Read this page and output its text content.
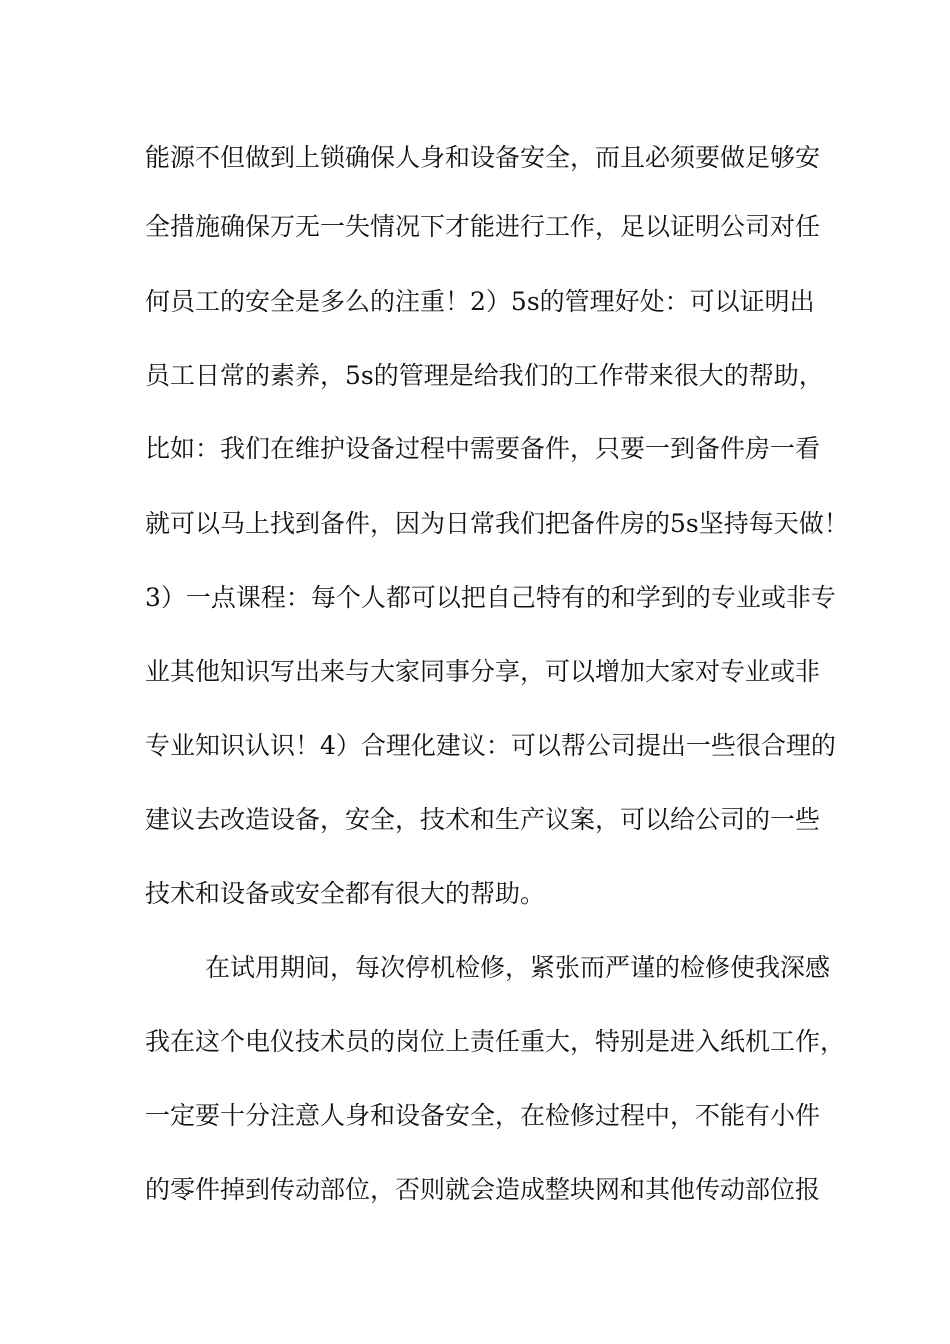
能源不但做到上锁确保人身和设备安全，而且必须要做足够安
全措施确保万无一失情况下才能进行工作，足以证明公司对任
何员工的安全是多么的注重！2）5s的管理好处：可以证明出
员工日常的素养，5s的管理是给我们的工作带来很大的帮助，
比如：我们在维护设备过程中需要备件，只要一到备件房一看
就可以马上找到备件，因为日常我们把备件房的5s坚持每天做！
3）一点课程：每个人都可以把自己特有的和学到的专业或非专
业其他知识写出来与大家同事分享，可以增加大家对专业或非
专业知识认识！4）合理化建议：可以帮公司提出一些很合理的
建议去改造设备，安全，技术和生产议案，可以给公司的一些
技术和设备或安全都有很大的帮助。
在试用期间，每次停机检修，紧张而严谨的检修使我深感
我在这个电仪技术员的岗位上责任重大，特别是进入纸机工作，
一定要十分注意人身和设备安全，在检修过程中，不能有小件
的零件掉到传动部位，否则就会造成整块网和其他传动部位报
